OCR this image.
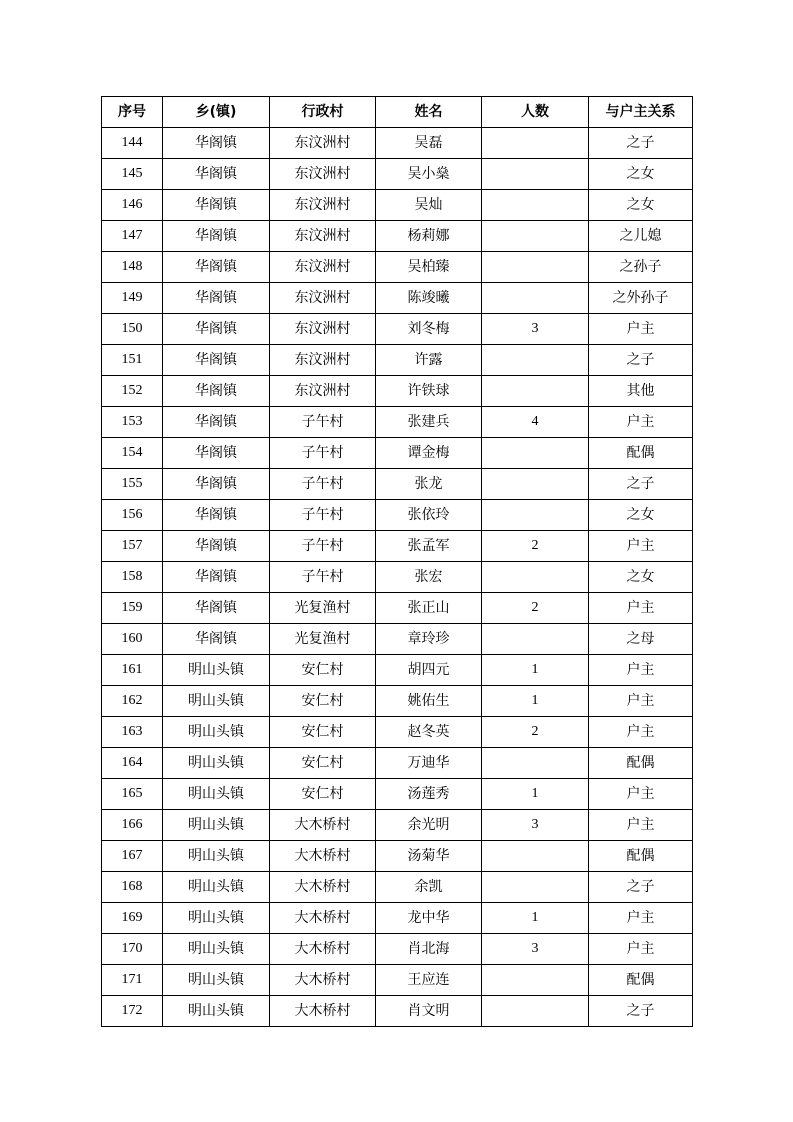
序号	乡(镇)	行政村	姓名	人数	与户主关系
144	华阁镇	东汶洲村	吴磊		之子
145	华阁镇	东汶洲村	吴小燊		之女
146	华阁镇	东汶洲村	吴灿		之女
147	华阁镇	东汶洲村	杨莉娜		之儿媳
148	华阁镇	东汶洲村	吴柏臻		之孙子
149	华阁镇	东汶洲村	陈竣曦		之外孙子
150	华阁镇	东汶洲村	刘冬梅	3	户主
151	华阁镇	东汶洲村	许露		之子
152	华阁镇	东汶洲村	许铁球		其他
153	华阁镇	子午村	张建兵	4	户主
154	华阁镇	子午村	谭金梅		配偶
155	华阁镇	子午村	张龙		之子
156	华阁镇	子午村	张依玲		之女
157	华阁镇	子午村	张孟军	2	户主
158	华阁镇	子午村	张宏		之女
159	华阁镇	光复渔村	张正山	2	户主
160	华阁镇	光复渔村	章玲珍		之母
161	明山头镇	安仁村	胡四元	1	户主
162	明山头镇	安仁村	姚佑生	1	户主
163	明山头镇	安仁村	赵冬英	2	户主
164	明山头镇	安仁村	万迪华		配偶
165	明山头镇	安仁村	汤莲秀	1	户主
166	明山头镇	大木桥村	余光明	3	户主
167	明山头镇	大木桥村	汤菊华		配偶
168	明山头镇	大木桥村	余凯		之子
169	明山头镇	大木桥村	龙中华	1	户主
170	明山头镇	大木桥村	肖北海	3	户主
171	明山头镇	大木桥村	王应连		配偶
172	明山头镇	大木桥村	肖文明		之子
